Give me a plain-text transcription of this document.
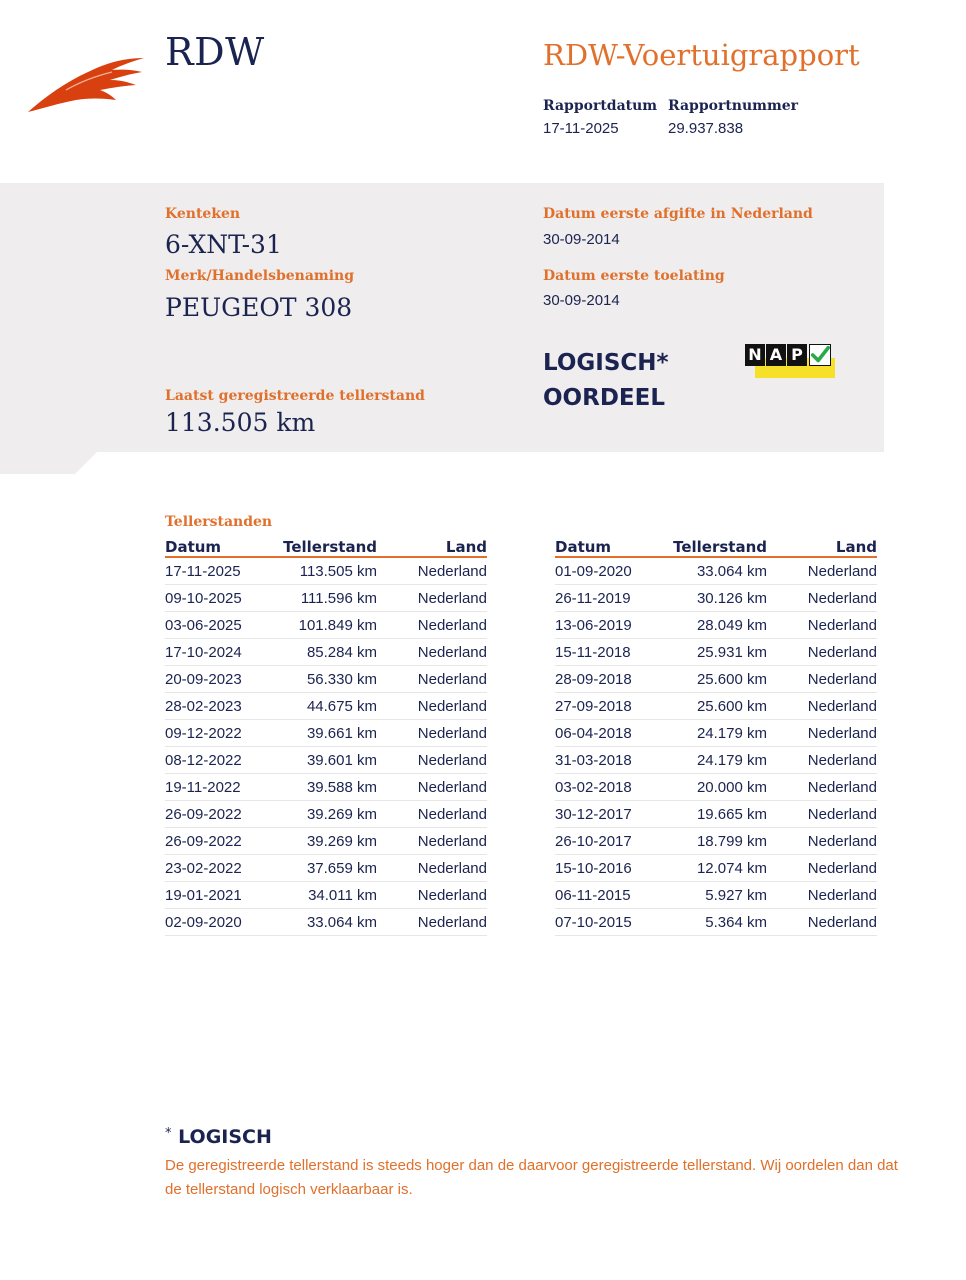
RDW	RDW-Voertuigrapport
Rapportdatum
17-11-2025
Rapportnummer
29.937.838
Kenteken
6-XNT-31
Merk/Handelsbenaming
PEUGEOT 308
Laatst geregistreerde tellerstand
113.505 km
Datum eerste afgifte in Nederland
30-09-2014
Datum eerste toelating
30-09-2014
LOGISCH*
OORDEEL
N A P
Tellerstanden
Datum	Tellerstand	Land
17-11-2025	113.505 km	Nederland
09-10-2025	111.596 km	Nederland
03-06-2025	101.849 km	Nederland
17-10-2024	85.284 km	Nederland
20-09-2023	56.330 km	Nederland
28-02-2023	44.675 km	Nederland
09-12-2022	39.661 km	Nederland
08-12-2022	39.601 km	Nederland
19-11-2022	39.588 km	Nederland
26-09-2022	39.269 km	Nederland
26-09-2022	39.269 km	Nederland
23-02-2022	37.659 km	Nederland
19-01-2021	34.011 km	Nederland
02-09-2020	33.064 km	Nederland
Datum	Tellerstand	Land
01-09-2020	33.064 km	Nederland
26-11-2019	30.126 km	Nederland
13-06-2019	28.049 km	Nederland
15-11-2018	25.931 km	Nederland
28-09-2018	25.600 km	Nederland
27-09-2018	25.600 km	Nederland
06-04-2018	24.179 km	Nederland
31-03-2018	24.179 km	Nederland
03-02-2018	20.000 km	Nederland
30-12-2017	19.665 km	Nederland
26-10-2017	18.799 km	Nederland
15-10-2016	12.074 km	Nederland
06-11-2015	5.927 km	Nederland
07-10-2015	5.364 km	Nederland
* LOGISCH
De geregistreerde tellerstand is steeds hoger dan de daarvoor geregistreerde tellerstand. Wij oordelen dan dat de tellerstand logisch verklaarbaar is.
